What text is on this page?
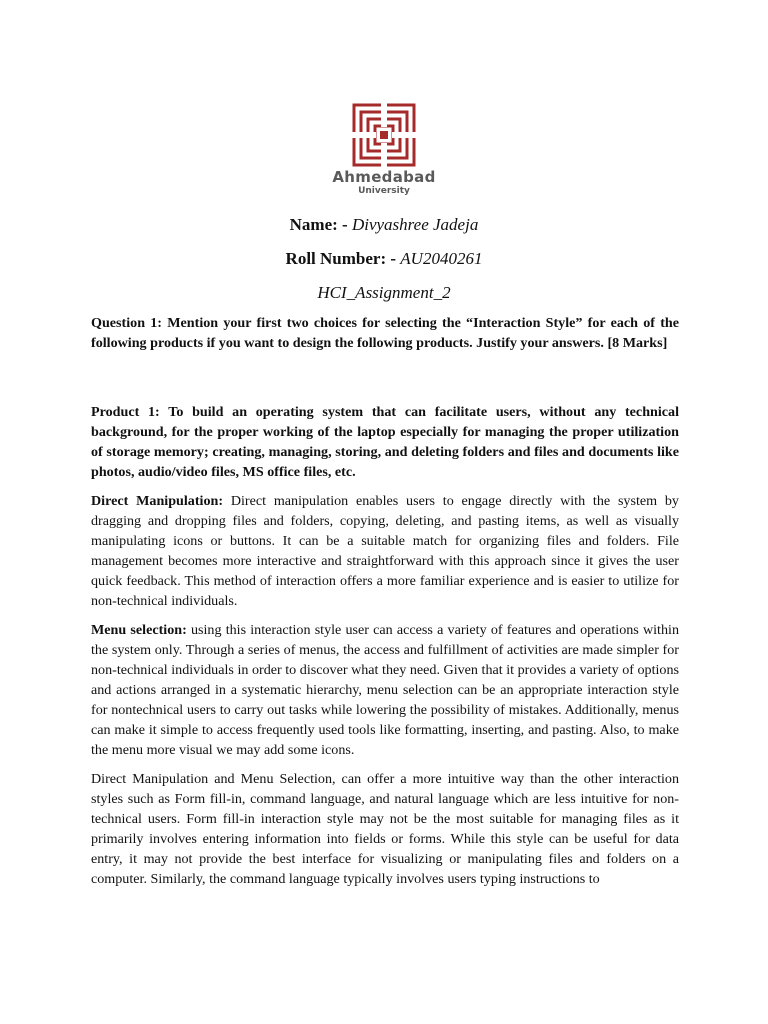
Ahmedabad
University
Name: - Divyashree Jadeja
Roll Number: - AU2040261
HCI_Assignment_2

Question 1: Mention your first two choices for selecting the “Interaction Style” for each of the following products if you want to design the following products. Justify your answers. [8 Marks]

Product 1: To build an operating system that can facilitate users, without any technical background, for the proper working of the laptop especially for managing the proper utilization of storage memory; creating, managing, storing, and deleting folders and files and documents like photos, audio/video files, MS office files, etc.

Direct Manipulation: Direct manipulation enables users to engage directly with the system by dragging and dropping files and folders, copying, deleting, and pasting items, as well as visually manipulating icons or buttons. It can be a suitable match for organizing files and folders. File management becomes more interactive and straightforward with this approach since it gives the user quick feedback. This method of interaction offers a more familiar experience and is easier to utilize for non-technical individuals.

Menu selection: using this interaction style user can access a variety of features and operations within the system only. Through a series of menus, the access and fulfillment of activities are made simpler for non-technical individuals in order to discover what they need. Given that it provides a variety of options and actions arranged in a systematic hierarchy, menu selection can be an appropriate interaction style for nontechnical users to carry out tasks while lowering the possibility of mistakes. Additionally, menus can make it simple to access frequently used tools like formatting, inserting, and pasting. Also, to make the menu more visual we may add some icons.

Direct Manipulation and Menu Selection, can offer a more intuitive way than the other interaction styles such as Form fill-in, command language, and natural language which are less intuitive for non-technical users. Form fill-in interaction style may not be the most suitable for managing files as it primarily involves entering information into fields or forms. While this style can be useful for data entry, it may not provide the best interface for visualizing or manipulating files and folders on a computer. Similarly, the command language typically involves users typing instructions to
